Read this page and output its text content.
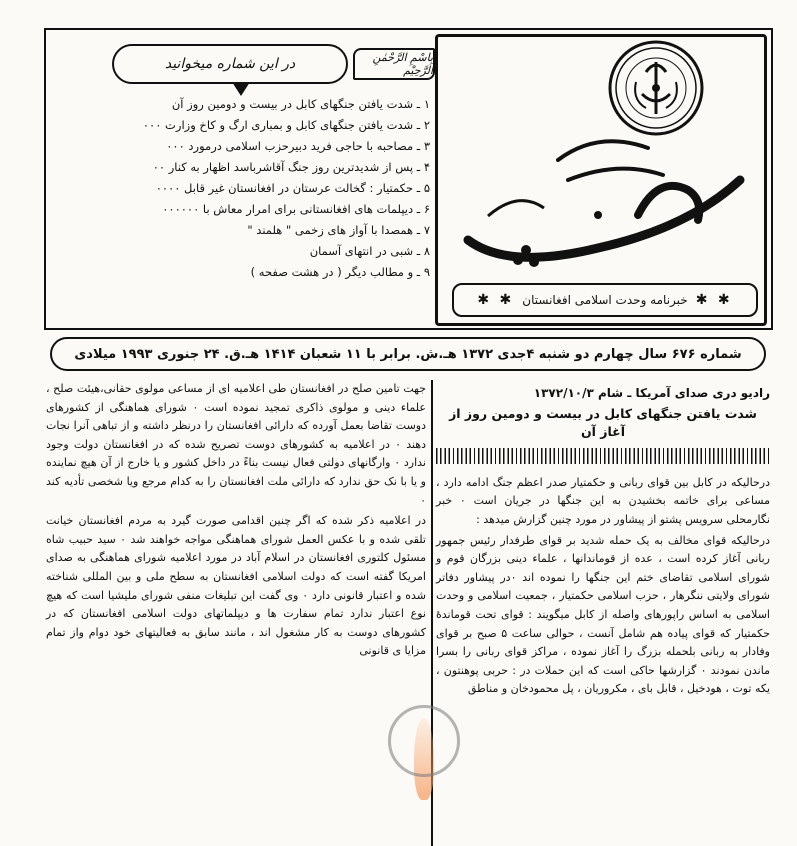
✱ ✱
خبرنامه وحدت اسلامی افغانستان
✱ ✱
بِاسْمِ الرَّحْمٰنِ الرَّحِيْم
در این شماره میخوانید
۱ ـ شدت یافتن جنگهای کابل در بیست و دومین روز آن
۲ ـ شدت یافتن جنگهای کابل و بمباری ارگ و کاخ وزارت ۰۰۰
۳ ـ مصاحبه با حاجی فرید دبیرحزب اسلامی درمورد ۰۰۰
۴ ـ پس از شدیدترین روز جنگ آقاشرباسد اظهار به کنار ۰۰
۵ ـ حکمتیار : گخالت عرستان در افغانستان غیر قابل ۰۰۰۰
۶ ـ دیپلمات های افغانستانی برای امرار معاش با ۰۰۰۰۰۰
۷ ـ همصدا با آواز های زخمی " هلمند "
۸ ـ شبی در انتهای آسمان
۹ ـ و مطالب دیگر ( در هشت صفحه )
شماره ۶۷۶ سال چهارم دو شنبه ۴جدی ۱۳۷۲ هـ.ش. برابر با ۱۱ شعبان ۱۴۱۴ هـ.ق. ۲۴ جنوری ۱۹۹۳ میلادی
رادیو دری صدای آمریکا ـ شام ۱۳۷۲/۱۰/۳
شدت یافتن جنگهای کابل در بیست و دومین روز از آغاز آن

درحالیکه در کابل بین قوای ربانی و حکمتیار صدر اعظم جنگ ادامه دارد ، مساعی برای خاتمه بخشیدن به این جنگها در جریان است ۰ خبر نگارمحلی سرویس پشتو از پیشاور در مورد چنین گزارش میدهد :

درحالیکه قوای مخالف به یک حمله شدید بر قوای طرفدار رئیس جمهور ربانی آغاز کرده است ، عده از قوماندانها ، علماء دینی بزرگان قوم و شورای اسلامی تقاضای ختم این جنگها را نموده اند ۰در پیشاور دفاتر شورای ولایتی ننگرهار ، حزب اسلامی حکمتیار ، جمعیت اسلامی و وحدت اسلامی به اساس راپورهای واصله از کابل میگویند : قوای تحت قوماندۀ حکمتیار که قوای پیاده هم شامل آنست ، حوالی ساعت ۵ صبح بر قوای وفادار به ربانی بلحمله بزرگ را آغاز نموده ، مراکز قوای ربانی را بسرا ماندن نمودند ۰ گزارشها حاکی است که این حملات در : حربی پوهنتون ، یکه توت ، هودخیل ، قابل بای ، مکروریان ، پل محمودخان و مناطق

جهت تامین صلح در افغانستان طی اعلامیه ای از مساعی مولوی حقانی،هیئت صلح ، علماء دینی و مولوی ذاکری تمجید نموده است ۰ شورای هماهنگی از کشورهای دوست تقاضا بعمل آورده که دارائی افغانستان را درنظر داشته و از تباهی آنرا نجات دهند ۰ در اعلامیه به کشورهای دوست تصریح شده که در افغانستان دولت وجود ندارد ۰ وارگانهای دولتی فعال نیست بناءً در داخل کشور و یا خارج از آن هیچ نماینده و یا با نک حق ندارد که دارائی ملت افغانستان را به کدام مرجع ویا شخصی تأدیه کند ۰

در اعلامیه ذکر شده که اگر چنین اقدامی صورت گیرد به مردم افغانستان خیانت تلقی شده و با عکس العمل شورای هماهنگی مواجه خواهند شد ۰ سید حبیب شاه مسئول کلتوری افغانستان در اسلام آباد در مورد اعلامیه شورای هماهنگی به صدای امریکا گفته است که دولت اسلامی افغانستان به سطح ملی و بین المللی شناخته شده و اعتبار قانونی دارد ۰ وی گفت این تبلیغات منفی شورای ملیشیا است که هیچ نوع اعتبار ندارد تمام سفارت ها و دیپلماتهای دولت اسلامی افغانستان که در کشورهای دوست به کار مشغول اند ، مانند سابق به فعالیتهای خود دوام واز تمام مزایا ی قانونی
